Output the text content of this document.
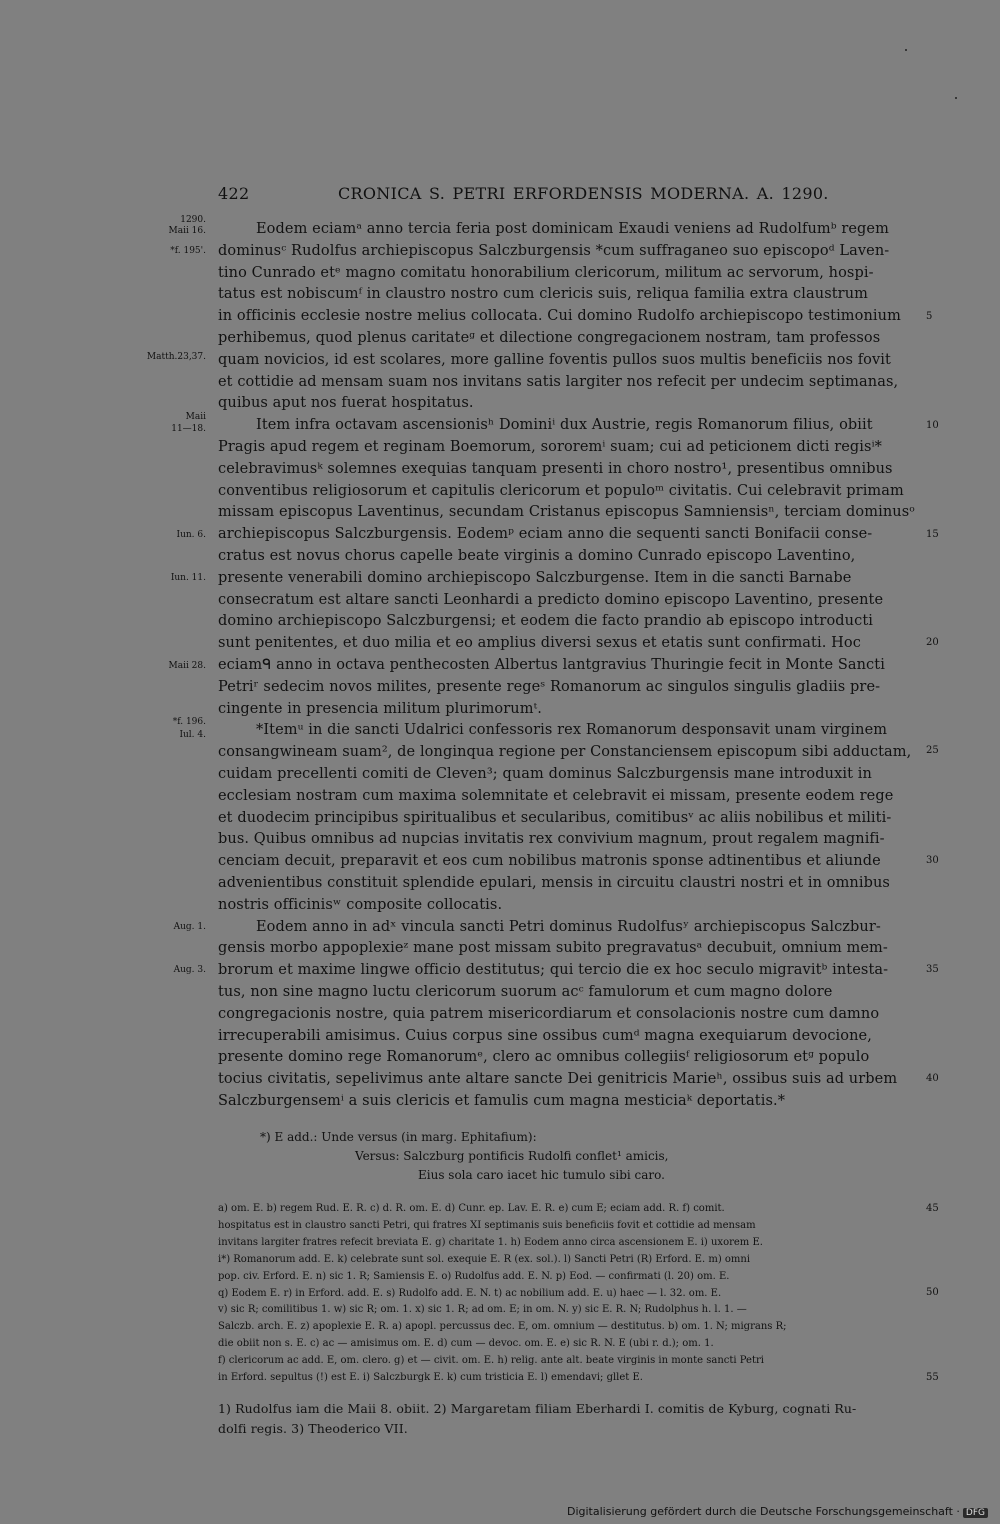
422	CRONICA S. PETRI ERFORDENSIS MODERNA. A. 1290.
1290.
Maii 16.
*f. 195'.
Matth.23,37.
Maii
11—18.
Iun. 6.
Iun. 11.
Maii 28.
*f. 196.
Iul. 4.
Aug. 1.
Aug. 3.
5
10
15
20
25
30
35
40
45
50
55
Eodem eciamᵃ anno tercia feria post dominicam Exaudi veniens ad Rudolfumᵇ regem
dominusᶜ Rudolfus archiepiscopus Salczburgensis *cum suffraganeo suo episcopoᵈ Laven-
tino Cunrado etᵉ magno comitatu honorabilium clericorum, militum ac servorum, hospi-
tatus est nobiscumᶠ in claustro nostro cum clericis suis, reliqua familia extra claustrum
in officinis ecclesie nostre melius collocata. Cui domino Rudolfo archiepiscopo testimonium
perhibemus, quod plenus caritateᵍ et dilectione congregacionem nostram, tam professos
quam novicios, id est scolares, more galline foventis pullos suos multis beneficiis nos fovit
et cottidie ad mensam suam nos invitans satis largiter nos refecit per undecim septimanas,
quibus aput nos fuerat hospitatus.
Item infra octavam ascensionisʰ Dominiⁱ dux Austrie, regis Romanorum filius, obiit
Pragis apud regem et reginam Boemorum, sororemⁱ suam; cui ad peticionem dicti regisⁱ*
celebravimusᵏ solemnes exequias tanquam presenti in choro nostro¹, presentibus omnibus
conventibus religiosorum et capitulis clericorum et populoᵐ civitatis. Cui celebravit primam
missam episcopus Laventinus, secundam Cristanus episcopus Samniensisⁿ, terciam dominusᵒ
archiepiscopus Salczburgensis. Eodemᵖ eciam anno die sequenti sancti Bonifacii conse-
cratus est novus chorus capelle beate virginis a domino Cunrado episcopo Laventino,
presente venerabili domino archiepiscopo Salczburgense. Item in die sancti Barnabe
consecratum est altare sancti Leonhardi a predicto domino episcopo Laventino, presente
domino archiepiscopo Salczburgensi; et eodem die facto prandio ab episcopo introducti
sunt penitentes, et duo milia et eo amplius diversi sexus et etatis sunt confirmati. Hoc
eciamᑫ anno in octava penthecosten Albertus lantgravius Thuringie fecit in Monte Sancti
Petriʳ sedecim novos milites, presente regeˢ Romanorum ac singulos singulis gladiis pre-
cingente in presencia militum plurimorumᵗ.
*Itemᵘ in die sancti Udalrici confessoris rex Romanorum desponsavit unam virginem
consangwineam suam², de longinqua regione per Constanciensem episcopum sibi adductam,
cuidam precellenti comiti de Cleven³; quam dominus Salczburgensis mane introduxit in
ecclesiam nostram cum maxima solemnitate et celebravit ei missam, presente eodem rege
et duodecim principibus spiritualibus et secularibus, comitibusᵛ ac aliis nobilibus et militi-
bus. Quibus omnibus ad nupcias invitatis rex convivium magnum, prout regalem magnifi-
cenciam decuit, preparavit et eos cum nobilibus matronis sponse adtinentibus et aliunde
advenientibus constituit splendide epulari, mensis in circuitu claustri nostri et in omnibus
nostris officinisʷ composite collocatis.
Eodem anno in adˣ vincula sancti Petri dominus Rudolfusʸ archiepiscopus Salczbur-
gensis morbo appoplexieᶻ mane post missam subito pregravatusᵃ decubuit, omnium mem-
brorum et maxime lingwe officio destitutus; qui tercio die ex hoc seculo migravitᵇ intesta-
tus, non sine magno luctu clericorum suorum acᶜ famulorum et cum magno dolore
congregacionis nostre, quia patrem misericordiarum et consolacionis nostre cum damno
irrecuperabili amisimus. Cuius corpus sine ossibus cumᵈ magna exequiarum devocione,
presente domino rege Romanorumᵉ, clero ac omnibus collegiisᶠ religiosorum etᵍ populo
tocius civitatis, sepelivimus ante altare sancte Dei genitricis Marieʰ, ossibus suis ad urbem
Salczburgensemⁱ a suis clericis et famulis cum magna mesticiaᵏ deportatis.*
*) E add.: Unde versus (in marg. Ephitafium):
Versus: Salczburg pontificis Rudolfi conflet¹ amicis,
Eius sola caro iacet hic tumulo sibi caro.
a) om. E. b) regem Rud. E. R. c) d. R. om. E. d) Cunr. ep. Lav. E. R. e) cum E; eciam add. R. f) comit.
hospitatus est in claustro sancti Petri, qui fratres XI septimanis suis beneficiis fovit et cottidie ad mensam
invitans largiter fratres refecit breviata E. g) charitate 1. h) Eodem anno circa ascensionem E. i) uxorem E.
i*) Romanorum add. E. k) celebrate sunt sol. exequie E. R (ex. sol.). l) Sancti Petri (R) Erford. E. m) omni
pop. civ. Erford. E. n) sic 1. R; Samiensis E. o) Rudolfus add. E. N. p) Eod. — confirmati (l. 20) om. E.
q) Eodem E. r) in Erford. add. E. s) Rudolfo add. E. N. t) ac nobilium add. E. u) haec — l. 32. om. E.
v) sic R; comilitibus 1. w) sic R; om. 1. x) sic 1. R; ad om. E; in om. N. y) sic E. R. N; Rudolphus h. l. 1. —
Salczb. arch. E. z) apoplexie E. R. a) apopl. percussus dec. E, om. omnium — destitutus. b) om. 1. N; migrans R;
die obiit non s. E. c) ac — amisimus om. E. d) cum — devoc. om. E. e) sic R. N. E (ubi r. d.); om. 1.
f) clericorum ac add. E, om. clero. g) et — civit. om. E. h) relig. ante alt. beate virginis in monte sancti Petri
in Erford. sepultus (!) est E. i) Salczburgk E. k) cum tristicia E. l) emendavi; gllet E.
1) Rudolfus iam die Maii 8. obiit. 2) Margaretam filiam Eberhardi I. comitis de Kyburg, cognati Ru-
dolfi regis. 3) Theoderico VII.
Digitalisierung gefördert durch die Deutsche Forschungsgemeinschaft · DFG
